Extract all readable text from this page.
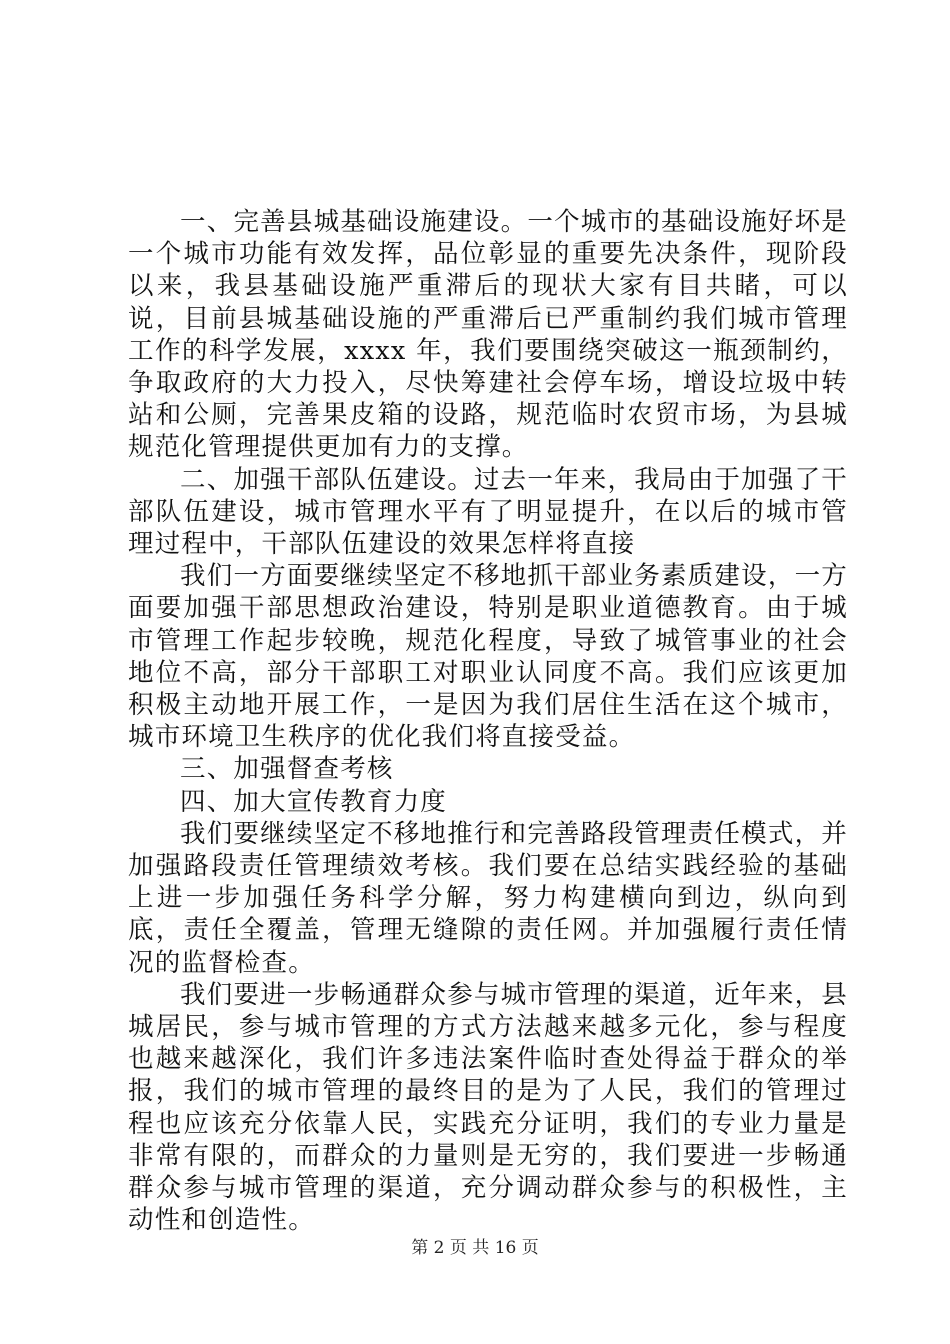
一、完善县城基础设施建设。一个城市的基础设施好坏是一个城市功能有效发挥，品位彰显的重要先决条件，现阶段以来，我县基础设施严重滞后的现状大家有目共睹，可以说，目前县城基础设施的严重滞后已严重制约我们城市管理工作的科学发展，xxxx 年，我们要围绕突破这一瓶颈制约，争取政府的大力投入，尽快筹建社会停车场，增设垃圾中转站和公厕，完善果皮箱的设路，规范临时农贸市场，为县城规范化管理提供更加有力的支撑。

二、加强干部队伍建设。过去一年来，我局由于加强了干部队伍建设，城市管理水平有了明显提升，在以后的城市管理过程中，干部队伍建设的效果怎样将直接

我们一方面要继续坚定不移地抓干部业务素质建设，一方面要加强干部思想政治建设，特别是职业道德教育。由于城市管理工作起步较晚，规范化程度，导致了城管事业的社会地位不高，部分干部职工对职业认同度不高。我们应该更加积极主动地开展工作，一是因为我们居住生活在这个城市，城市环境卫生秩序的优化我们将直接受益。

三、加强督查考核

四、加大宣传教育力度

我们要继续坚定不移地推行和完善路段管理责任模式，并加强路段责任管理绩效考核。我们要在总结实践经验的基础上进一步加强任务科学分解，努力构建横向到边，纵向到底，责任全覆盖，管理无缝隙的责任网。并加强履行责任情况的监督检查。

我们要进一步畅通群众参与城市管理的渠道，近年来，县城居民，参与城市管理的方式方法越来越多元化，参与程度也越来越深化，我们许多违法案件临时查处得益于群众的举报，我们的城市管理的最终目的是为了人民，我们的管理过程也应该充分依靠人民，实践充分证明，我们的专业力量是非常有限的，而群众的力量则是无穷的，我们要进一步畅通群众参与城市管理的渠道，充分调动群众参与的积极性，主动性和创造性。

第 2 页 共 16 页
